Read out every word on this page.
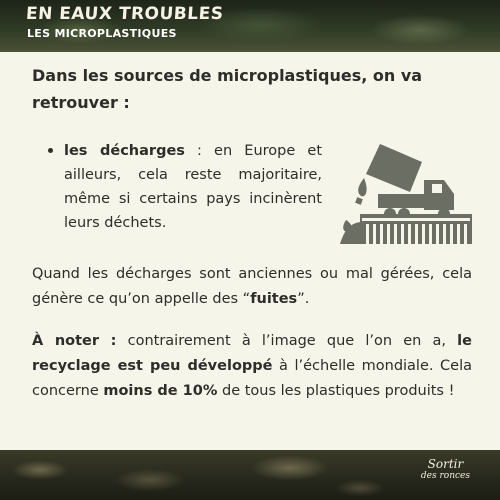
EN EAUX TROUBLES
LES MICROPLASTIQUES

Dans les sources de microplastiques, on va retrouver :

les décharges : en Europe et ailleurs, cela reste majoritaire, même si certains pays incinèrent leurs déchets.

Quand les décharges sont anciennes ou mal gérées, cela génère ce qu’on appelle des “fuites”.

À noter : contrairement à l’image que l’on en a, le recyclage est peu développé à l’échelle mondiale. Cela concerne moins de 10% de tous les plastiques produits !

Sortir
des ronces
